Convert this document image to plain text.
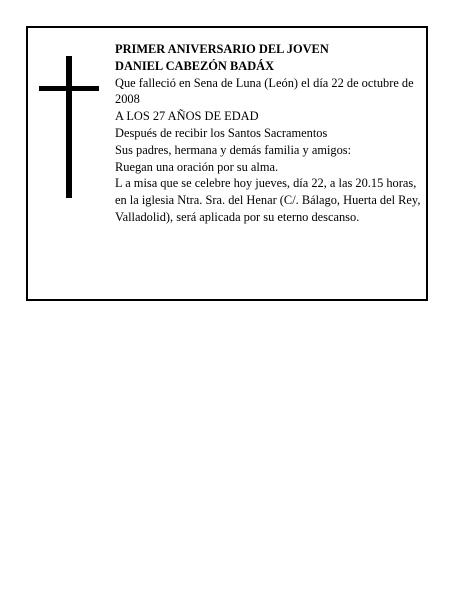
PRIMER ANIVERSARIO DEL JOVEN

DANIEL CABEZÓN BADÁX

Que falleció en Sena de Luna (León) el día 22 de octubre de 2008

A LOS 27 AÑOS DE EDAD

Después de recibir los Santos Sacramentos

Sus padres, hermana y demás familia y amigos:

Ruegan una oración por su alma.

L a misa que se celebre hoy jueves, día 22, a las 20.15 horas, en la iglesia Ntra. Sra. del Henar (C/. Bálago, Huerta del Rey, Valladolid), será aplicada por su eterno descanso.
